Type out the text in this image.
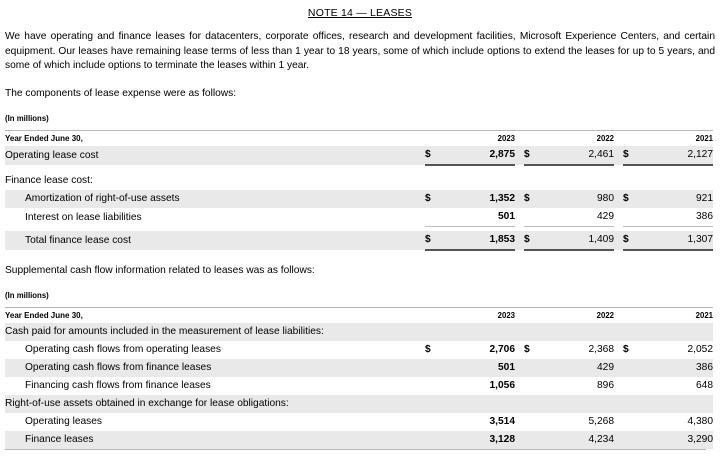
NOTE 14 — LEASES

We have operating and finance leases for datacenters, corporate offices, research and development facilities, Microsoft Experience Centers, and certain equipment. Our leases have remaining lease terms of less than 1 year to 18 years, some of which include options to extend the leases for up to 5 years, and some of which include options to terminate the leases within 1 year.

The components of lease expense were as follows:

(In millions)

Year Ended June 30,		2023			2022			2021
Operating lease cost	$	2,875		$	2,461		$	2,127

Finance lease cost:								
Amortization of right-of-use assets	$	1,352		$	980		$	921
Interest on lease liabilities		501			429			386

Total finance lease cost	$	1,853		$	1,409		$	1,307

Supplemental cash flow information related to leases was as follows:

(In millions)

Year Ended June 30,		2023			2022			2021
Cash paid for amounts included in the measurement of lease liabilities:								
Operating cash flows from operating leases	$	2,706		$	2,368		$	2,052
Operating cash flows from finance leases		501			429			386
Financing cash flows from finance leases		1,056			896			648
Right-of-use assets obtained in exchange for lease obligations:								
Operating leases		3,514			5,268			4,380
Finance leases		3,128			4,234			3,290
